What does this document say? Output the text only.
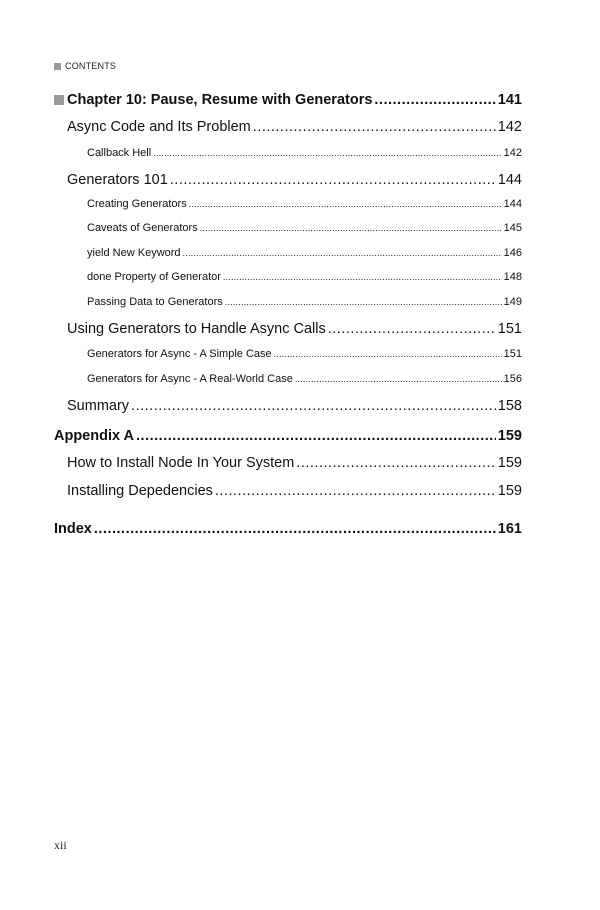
CONTENTS
Chapter 10: Pause, Resume with Generators .....	141
Async Code and Its Problem .....	142
Callback Hell .....	142
Generators 101 .....	144
Creating Generators .....	144
Caveats of Generators .....	145
yield New Keyword .....	146
done Property of Generator .....	148
Passing Data to Generators .....	149
Using Generators to Handle Async Calls .....	151
Generators for Async - A Simple Case .....	151
Generators for Async - A Real-World Case .....	156
Summary .....	158
Appendix A .....	159
How to Install Node In Your System .....	159
Installing Depedencies .....	159
Index .....	161
xii
